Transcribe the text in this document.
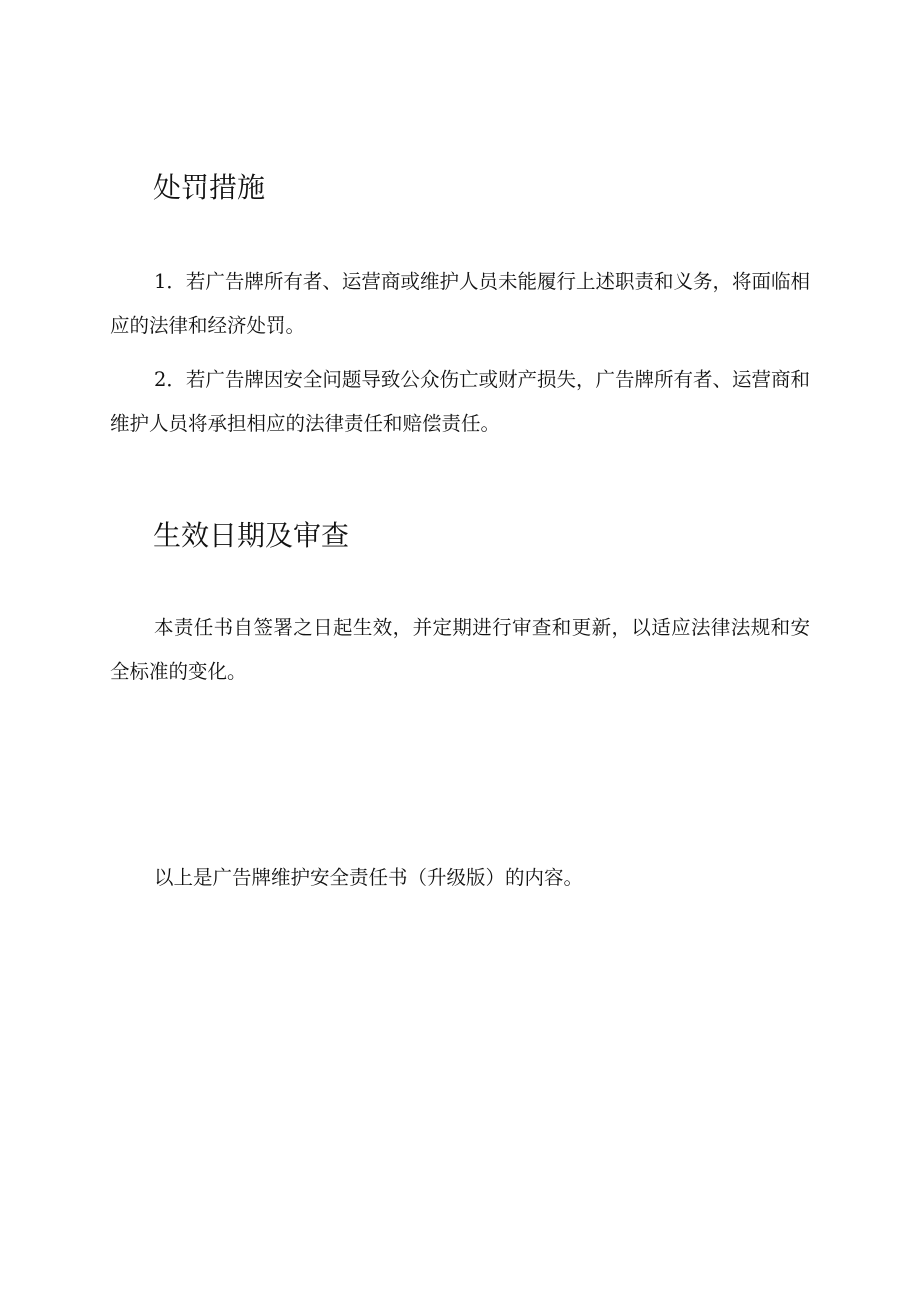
处罚措施

1．若广告牌所有者、运营商或维护人员未能履行上述职责和义务，将面临相应的法律和经济处罚。

2．若广告牌因安全问题导致公众伤亡或财产损失，广告牌所有者、运营商和维护人员将承担相应的法律责任和赔偿责任。

生效日期及审查

本责任书自签署之日起生效，并定期进行审查和更新，以适应法律法规和安全标准的变化。

以上是广告牌维护安全责任书（升级版）的内容。
